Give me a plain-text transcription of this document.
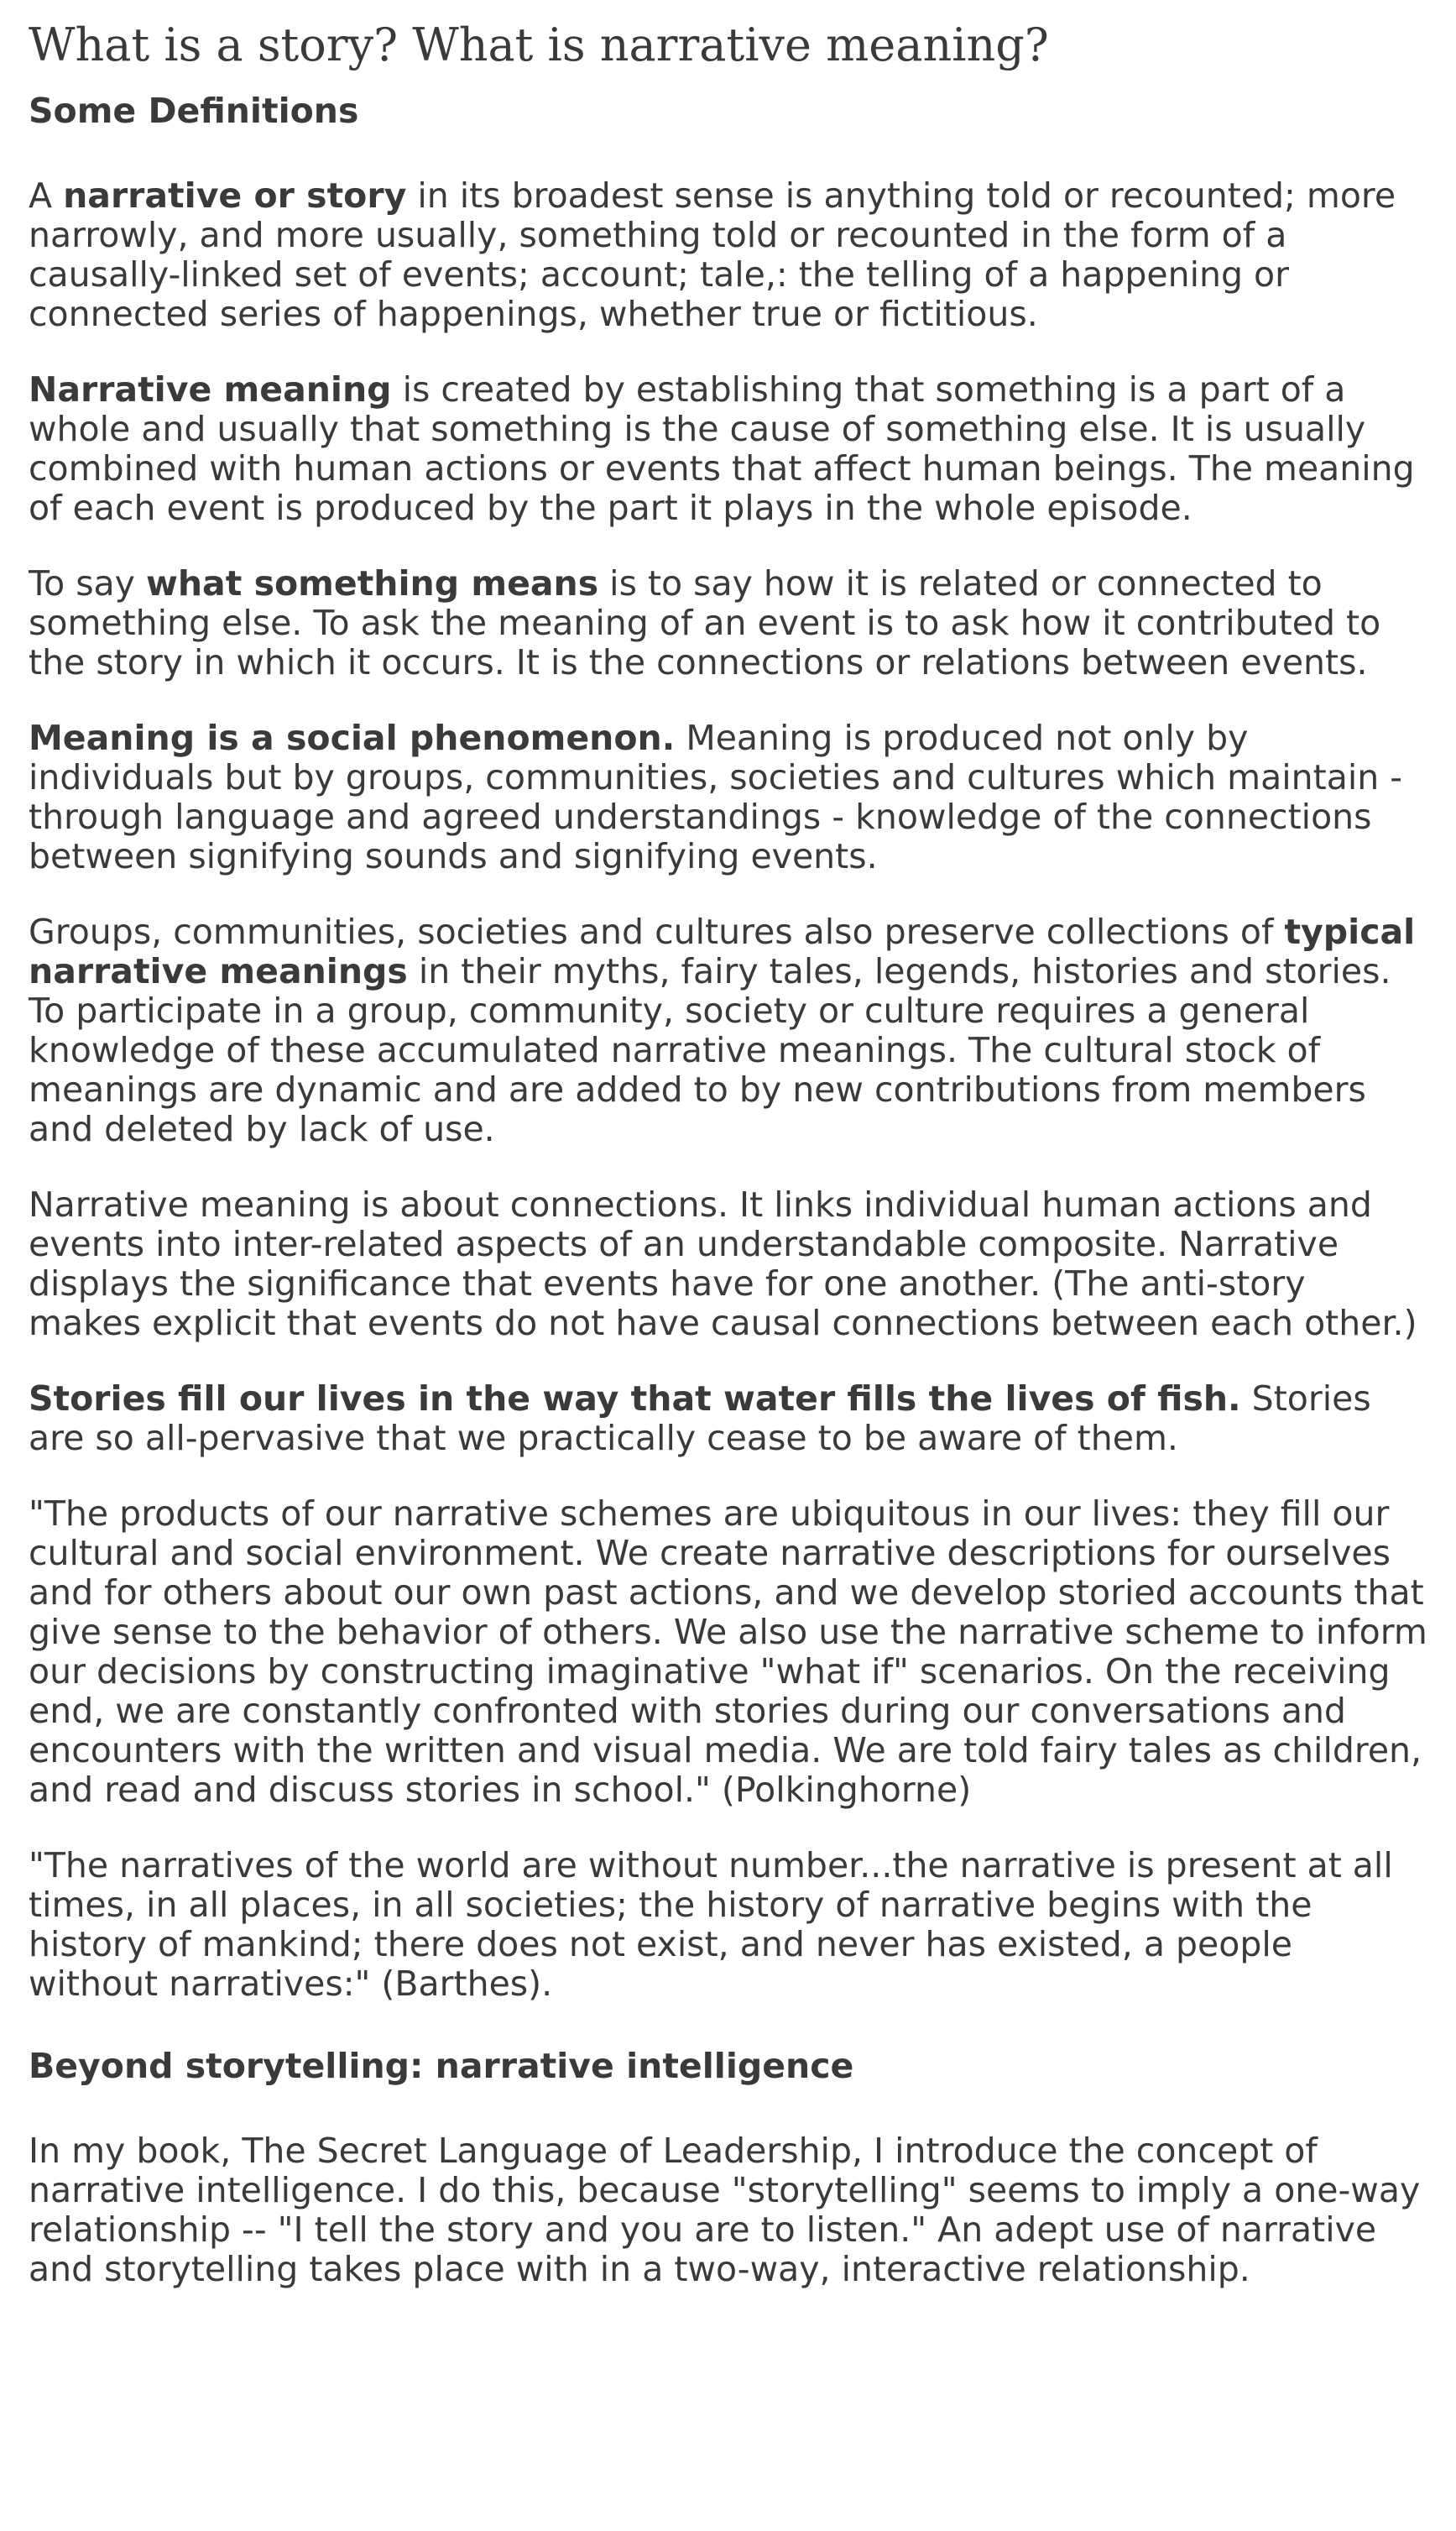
What is a story? What is narrative meaning?
Some Definitions

A narrative or story in its broadest sense is anything told or recounted; more narrowly, and more usually, something told or recounted in the form of a causally-linked set of events; account; tale,: the telling of a happening or connected series of happenings, whether true or fictitious.

Narrative meaning is created by establishing that something is a part of a whole and usually that something is the cause of something else. It is usually combined with human actions or events that affect human beings. The meaning of each event is produced by the part it plays in the whole episode.

To say what something means is to say how it is related or connected to something else. To ask the meaning of an event is to ask how it contributed to the story in which it occurs. It is the connections or relations between events.

Meaning is a social phenomenon. Meaning is produced not only by individuals but by groups, communities, societies and cultures which maintain - through language and agreed understandings - knowledge of the connections between signifying sounds and signifying events.

Groups, communities, societies and cultures also preserve collections of typical narrative meanings in their myths, fairy tales, legends, histories and stories. To participate in a group, community, society or culture requires a general knowledge of these accumulated narrative meanings. The cultural stock of meanings are dynamic and are added to by new contributions from members and deleted by lack of use.

Narrative meaning is about connections. It links individual human actions and events into inter-related aspects of an understandable composite. Narrative displays the significance that events have for one another. (The anti-story makes explicit that events do not have causal connections between each other.)

Stories fill our lives in the way that water fills the lives of fish. Stories are so all-pervasive that we practically cease to be aware of them.

"The products of our narrative schemes are ubiquitous in our lives: they fill our cultural and social environment. We create narrative descriptions for ourselves and for others about our own past actions, and we develop storied accounts that give sense to the behavior of others. We also use the narrative scheme to inform our decisions by constructing imaginative "what if" scenarios. On the receiving end, we are constantly confronted with stories during our conversations and encounters with the written and visual media. We are told fairy tales as children, and read and discuss stories in school." (Polkinghorne)

"The narratives of the world are without number...the narrative is present at all times, in all places, in all societies; the history of narrative begins with the history of mankind; there does not exist, and never has existed, a people without narratives:" (Barthes).

Beyond storytelling: narrative intelligence

In my book, The Secret Language of Leadership, I introduce the concept of narrative intelligence. I do this, because "storytelling" seems to imply a one-way relationship -- "I tell the story and you are to listen." An adept use of narrative and storytelling takes place with in a two-way, interactive relationship.
